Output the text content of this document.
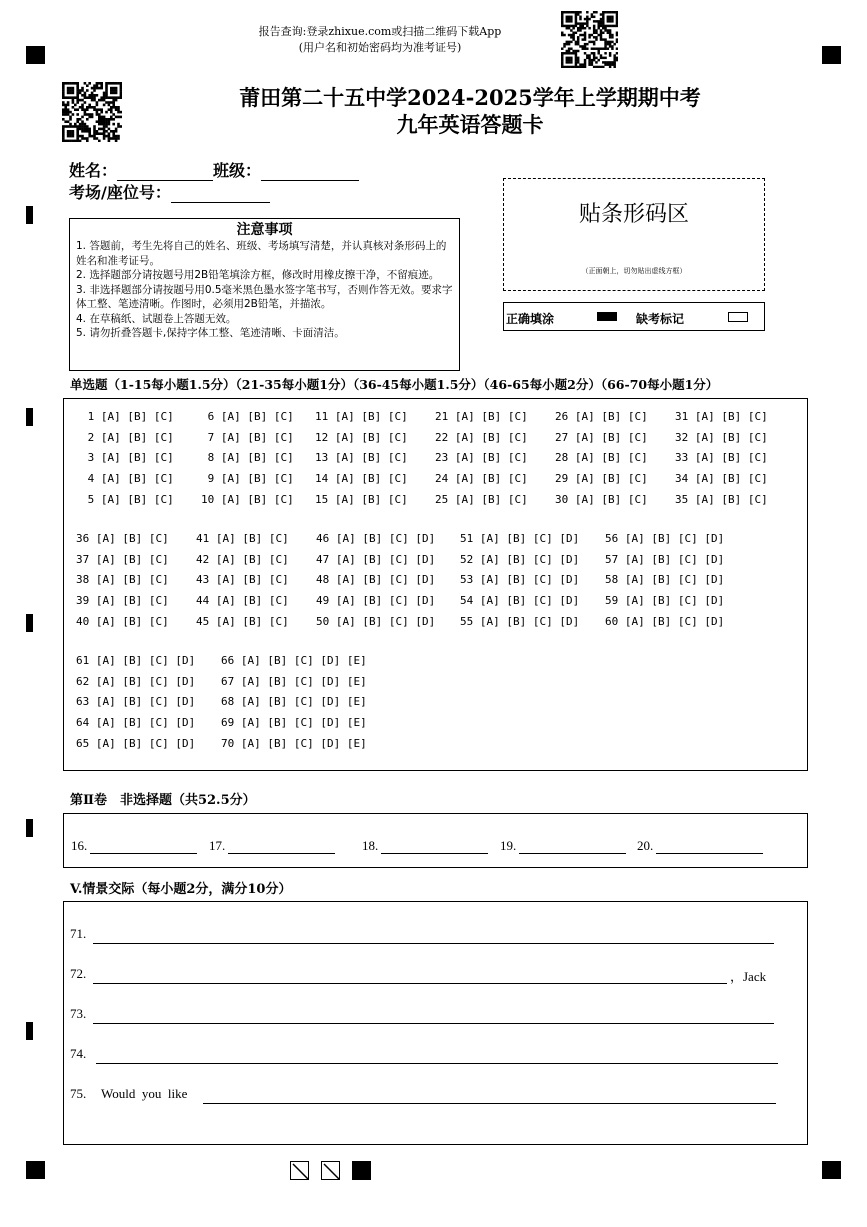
报告查询:登录zhixue.com或扫描二维码下载App
(用户名和初始密码均为准考证号)
莆田第二十五中学2024-2025学年上学期期中考
九年英语答题卡
姓名：	班级：
考场/座位号：
注意事项

1. 答题前，考生先将自己的姓名、班级、考场填写清楚，并认真核对条形码上的姓名和准考证号。

2. 选择题部分请按题号用2B铅笔填涂方框，修改时用橡皮擦干净，不留痕迹。

3. 非选择题部分请按题号用0.5毫米黑色墨水签字笔书写，否则作答无效。要求字体工整、笔迹清晰。作图时，必须用2B铅笔，并描浓。

4. 在草稿纸、试题卷上答题无效。

5. 请勿折叠答题卡,保持字体工整、笔迹清晰、卡面清洁。

贴条形码区
（正面朝上，切勿贴出虚线方框）
正确填涂	缺考标记
单选题（1-15每小题1.5分）（21-35每小题1分）（36-45每小题1.5分）（46-65每小题2分）（66-70每小题1分）
1 [A] [B] [C]
2 [A] [B] [C]
3 [A] [B] [C]
4 [A] [B] [C]
5 [A] [B] [C]
6 [A] [B] [C]
7 [A] [B] [C]
8 [A] [B] [C]
9 [A] [B] [C]
10 [A] [B] [C]
11 [A] [B] [C]
12 [A] [B] [C]
13 [A] [B] [C]
14 [A] [B] [C]
15 [A] [B] [C]
21 [A] [B] [C]
22 [A] [B] [C]
23 [A] [B] [C]
24 [A] [B] [C]
25 [A] [B] [C]
26 [A] [B] [C]
27 [A] [B] [C]
28 [A] [B] [C]
29 [A] [B] [C]
30 [A] [B] [C]
31 [A] [B] [C]
32 [A] [B] [C]
33 [A] [B] [C]
34 [A] [B] [C]
35 [A] [B] [C]
36 [A] [B] [C]
37 [A] [B] [C]
38 [A] [B] [C]
39 [A] [B] [C]
40 [A] [B] [C]
41 [A] [B] [C]
42 [A] [B] [C]
43 [A] [B] [C]
44 [A] [B] [C]
45 [A] [B] [C]
46 [A] [B] [C] [D]
47 [A] [B] [C] [D]
48 [A] [B] [C] [D]
49 [A] [B] [C] [D]
50 [A] [B] [C] [D]
51 [A] [B] [C] [D]
52 [A] [B] [C] [D]
53 [A] [B] [C] [D]
54 [A] [B] [C] [D]
55 [A] [B] [C] [D]
56 [A] [B] [C] [D]
57 [A] [B] [C] [D]
58 [A] [B] [C] [D]
59 [A] [B] [C] [D]
60 [A] [B] [C] [D]
61 [A] [B] [C] [D]
62 [A] [B] [C] [D]
63 [A] [B] [C] [D]
64 [A] [B] [C] [D]
65 [A] [B] [C] [D]
66 [A] [B] [C] [D] [E]
67 [A] [B] [C] [D] [E]
68 [A] [B] [C] [D] [E]
69 [A] [B] [C] [D] [E]
70 [A] [B] [C] [D] [E]
第Ⅱ卷　非选择题（共52.5分）
16.	17.	18.	19.	20.
V.情景交际（每小题2分，满分10分）
71.
72.	，Jack
73.
74.
75. Would  you  like
